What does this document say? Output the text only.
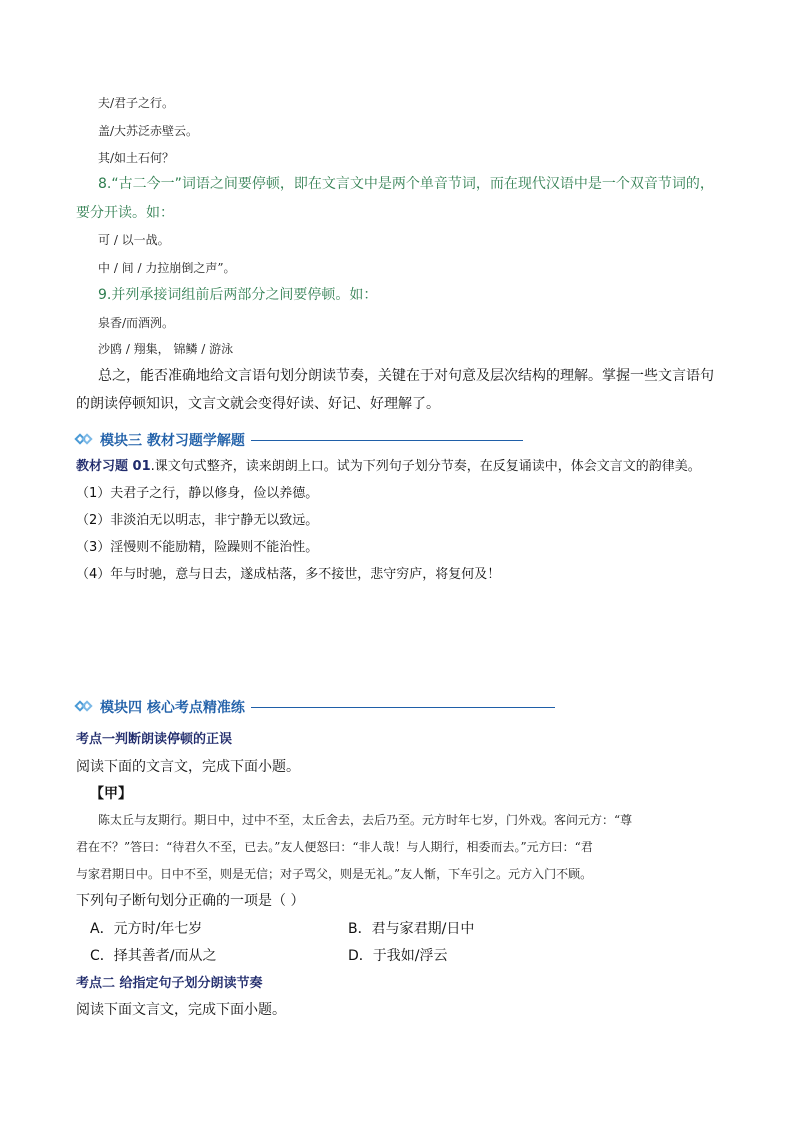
夫/君子之行。
盖/大苏泛赤壁云。
其/如土石何？
8.“古二今一”词语之间要停顿，即在文言文中是两个单音节词，而在现代汉语中是一个双音节词的，
要分开读。如：
可 / 以一战。
中 / 间 / 力拉崩倒之声”。
9.并列承接词组前后两部分之间要停顿。如：
泉香/而酒洌。
沙鸥 / 翔集， 锦鳞 / 游泳
总之，能否准确地给文言语句划分朗读节奏，关键在于对句意及层次结构的理解。掌握一些文言语句
的朗读停顿知识，文言文就会变得好读、好记、好理解了。
模块三 教材习题学解题
教材习题 01.课文句式整齐，读来朗朗上口。试为下列句子划分节奏，在反复诵读中，体会文言文的韵律美。
（1）夫君子之行，静以修身，俭以养德。
（2）非淡泊无以明志，非宁静无以致远。
（3）淫慢则不能励精，险躁则不能治性。
（4）年与时驰，意与日去，遂成枯落，多不接世，悲守穷庐，将复何及！
模块四 核心考点精准练
考点一判断朗读停顿的正误
阅读下面的文言文，完成下面小题。
【甲】
陈太丘与友期行。期日中，过中不至，太丘舍去，去后乃至。元方时年七岁，门外戏。客问元方：“尊
君在不？”答曰：“待君久不至，已去。”友人便怒曰：“非人哉！与人期行，相委而去。”元方曰：“君
与家君期日中。日中不至，则是无信；对子骂父，则是无礼。”友人惭，下车引之。元方入门不顾。
下列句子断句划分正确的一项是（ ）
A．元方时/年七岁	B．君与家君期/日中
C．择其善者/而从之	D．于我如/浮云
考点二 给指定句子划分朗读节奏
阅读下面文言文，完成下面小题。
